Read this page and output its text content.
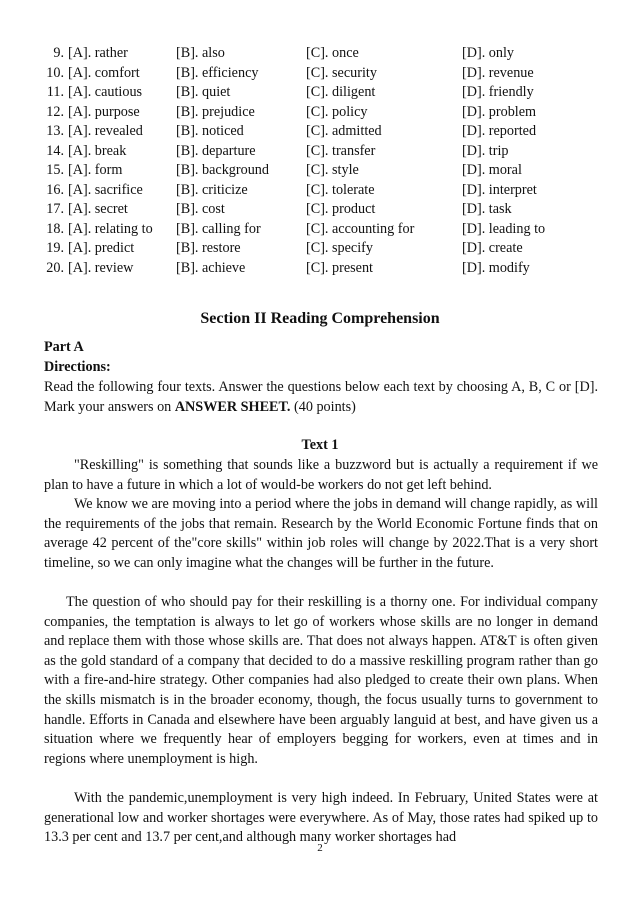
9. [A]. rather	[B]. also	[C]. once	[D]. only
10. [A]. comfort	[B]. efficiency	[C]. security	[D]. revenue
11. [A]. cautious [B]. quiet	[C]. diligent	[D]. friendly
12. [A]. purpose	[B]. prejudice	[C]. policy	[D]. problem
13. [A]. revealed [B]. noticed	[C]. admitted	[D]. reported
14. [A]. break	[B]. departure	[C]. transfer	[D]. trip
15. [A]. form	[B]. background	[C]. style	[D]. moral
16. [A]. sacrifice [B]. criticize	[C]. tolerate	[D]. interpret
17. [A]. secret	[B]. cost	[C]. product	[D]. task
18. [A]. relating to [B]. calling for	[C]. accounting for	[D]. leading to
19. [A]. predict	[B]. restore	[C]. specify	[D]. create
20. [A]. review	[B]. achieve	[C]. present	[D]. modify
Section II Reading Comprehension
Part A
Directions:
Read the following four texts. Answer the questions below each text by choosing A, B, C or [D]. Mark your answers on ANSWER SHEET. (40 points)
Text 1
"Reskilling" is something that sounds like a buzzword but is actually a requirement if we plan to have a future in which a lot of would-be workers do not get left behind.
We know we are moving into a period where the jobs in demand will change rapidly, as will the requirements of the jobs that remain. Research by the World Economic Fortune finds that on average 42 percent of the"core skills" within job roles will change by 2022.That is a very short timeline, so we can only imagine what the changes will be further in the future.
The question of who should pay for their reskilling is a thorny one. For individual company companies, the temptation is always to let go of workers whose skills are no longer in demand and replace them with those whose skills are. That does not always happen. AT&T is often given as the gold standard of a company that decided to do a massive reskilling program rather than go with a fire-and-hire strategy. Other companies had also pledged to create their own plans. When the skills mismatch is in the broader economy, though, the focus usually turns to government to handle. Efforts in Canada and elsewhere have been arguably languid at best, and have given us a situation where we frequently hear of employers begging for workers, even at times and in regions where unemployment is high.
With the pandemic,unemployment is very high indeed. In February, United States were at generational low and worker shortages were everywhere. As of May, those rates had spiked up to 13.3 per cent and 13.7 per cent,and although many worker shortages had
2
